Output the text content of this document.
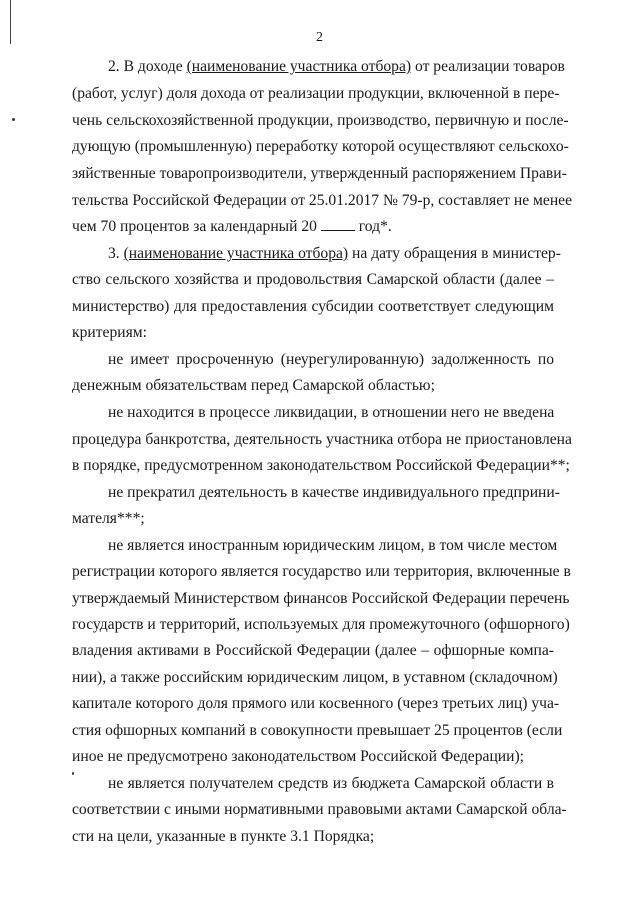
2
2. В доходе (наименование участника отбора) от реализации товаров
(работ, услуг) доля дохода от реализации продукции, включенной в пере-
чень сельскохозяйственной продукции, производство, первичную и после-
дующую (промышленную) переработку которой осуществляют сельскохо-
зяйственные товаропроизводители, утвержденный распоряжением Прави-
тельства Российской Федерации от 25.01.2017 № 79-р, составляет не менее
чем 70 процентов за календарный 20	год*.
3. (наименование участника отбора) на дату обращения в министер-
ство сельского хозяйства и продовольствия Самарской области (далее –
министерство) для предоставления субсидии соответствует следующим
критериям:
не имеет просроченную (неурегулированную) задолженность по
денежным обязательствам перед Самарской областью;
не находится в процессе ликвидации, в отношении него не введена
процедура банкротства, деятельность участника отбора не приостановлена
в порядке, предусмотренном законодательством Российской Федерации**;
не прекратил деятельность в качестве индивидуального предприни-
мателя***;
не является иностранным юридическим лицом, в том числе местом
регистрации которого является государство или территория, включенные в
утверждаемый Министерством финансов Российской Федерации перечень
государств и территорий, используемых для промежуточного (офшорного)
владения активами в Российской Федерации (далее – офшорные компа-
нии), а также российским юридическим лицом, в уставном (складочном)
капитале которого доля прямого или косвенного (через третьих лиц) уча-
стия офшорных компаний в совокупности превышает 25 процентов (если
иное не предусмотрено законодательством Российской Федерации);
не является получателем средств из бюджета Самарской области в
соответствии с иными нормативными правовыми актами Самарской обла-
сти на цели, указанные в пункте 3.1 Порядка;
